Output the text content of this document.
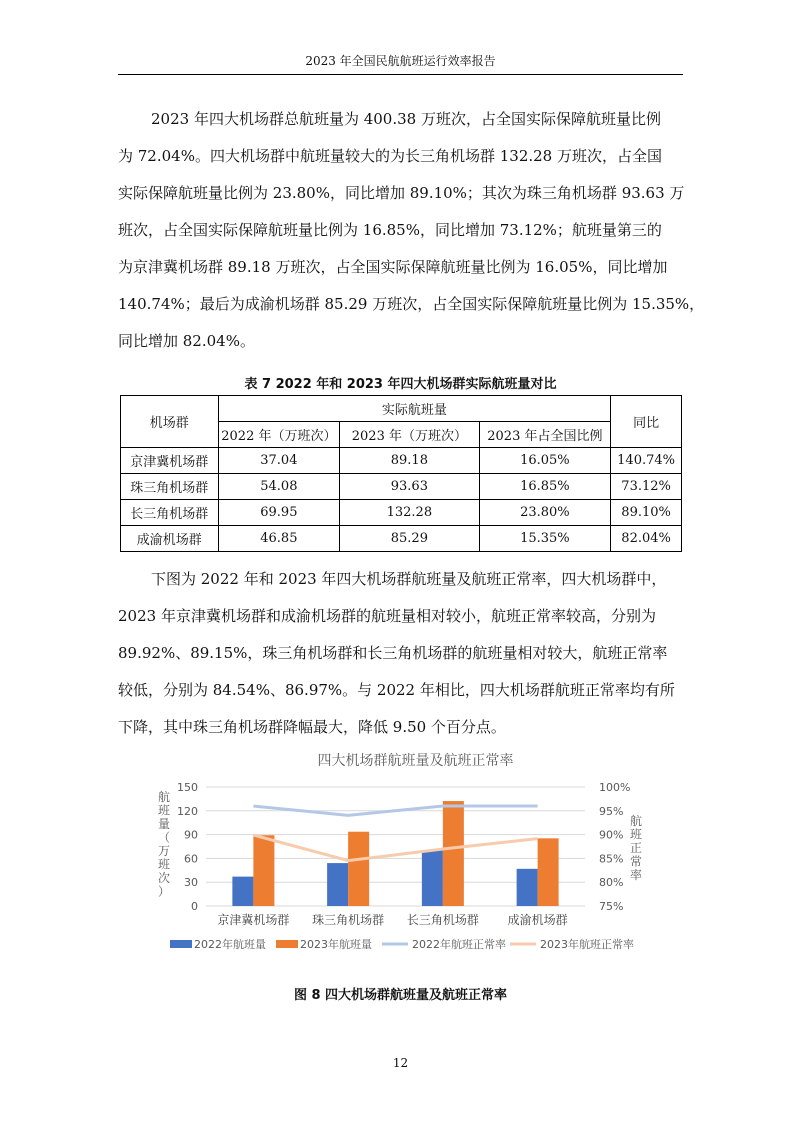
2023 年全国民航航班运行效率报告
2023 年四大机场群总航班量为 400.38 万班次，占全国实际保障航班量比例
为 72.04%。四大机场群中航班量较大的为长三角机场群 132.28 万班次，占全国
实际保障航班量比例为 23.80%，同比增加 89.10%；其次为珠三角机场群 93.63 万
班次，占全国实际保障航班量比例为 16.85%，同比增加 73.12%；航班量第三的
为京津冀机场群 89.18 万班次，占全国实际保障航班量比例为 16.05%，同比增加
140.74%；最后为成渝机场群 85.29 万班次，占全国实际保障航班量比例为 15.35%，
同比增加 82.04%。
表 7 2022 年和 2023 年四大机场群实际航班量对比
机场群	实际航班量			同比
	2022 年（万班次）	2023 年（万班次）	2023 年占全国比例	
京津冀机场群	37.04	89.18	16.05%	140.74%
珠三角机场群	54.08	93.63	16.85%	73.12%
长三角机场群	69.95	132.28	23.80%	89.10%
成渝机场群	46.85	85.29	15.35%	82.04%
下图为 2022 年和 2023 年四大机场群航班量及航班正常率，四大机场群中，
2023 年京津冀机场群和成渝机场群的航班量相对较小，航班正常率较高，分别为
89.92%、89.15%，珠三角机场群和长三角机场群的航班量相对较大，航班正常率
较低，分别为 84.54%、86.97%。与 2022 年相比，四大机场群航班正常率均有所
下降，其中珠三角机场群降幅最大，降低 9.50 个百分点。
四大机场群航班量及航班正常率
0
30
60
90
120
150
75%
80%
85%
90%
95%
100%
航班量（万班次）
航班正常率
京津冀机场群 珠三角机场群 长三角机场群 成渝机场群
2022年航班量	2023年航班量	2022年航班正常率	2023年航班正常率
图 8 四大机场群航班量及航班正常率
12
